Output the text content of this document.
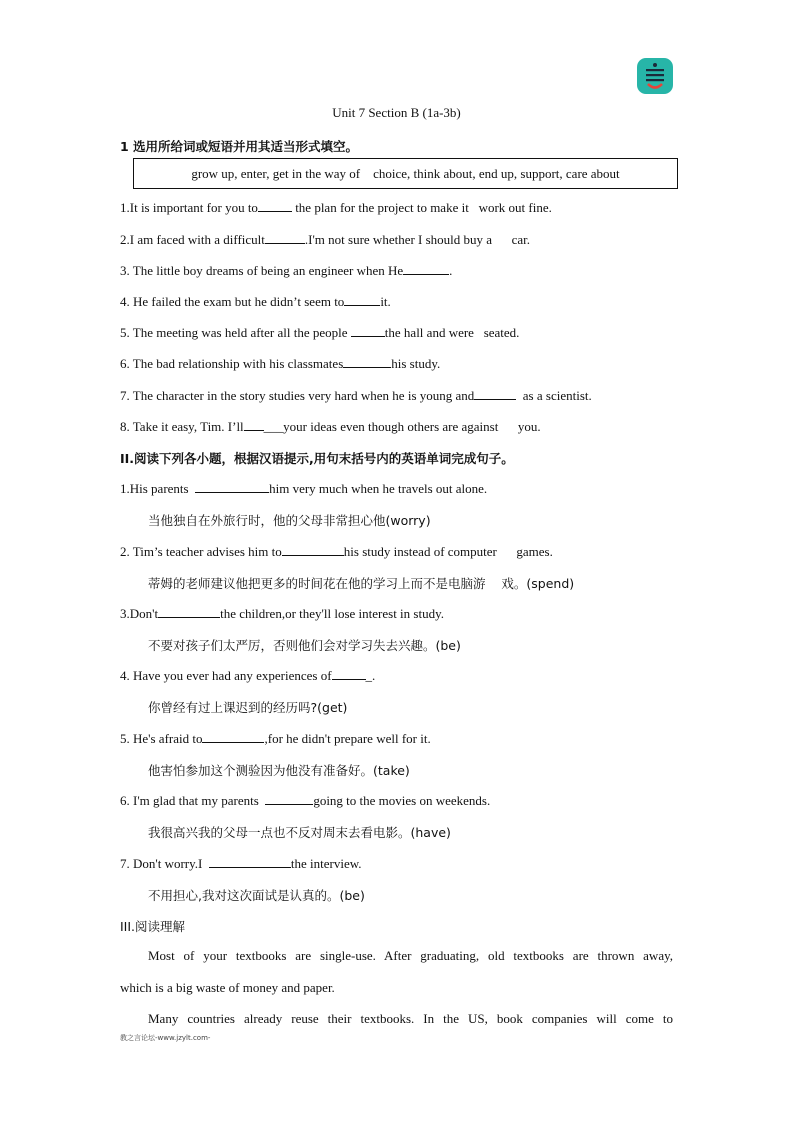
Unit 7 Section B (1a-3b)
1 选用所给词或短语并用其适当形式填空。
grow up, enter, get in the way of    choice, think about, end up, support, care about
1.It is important for you to	the plan for the project to make it   work out fine.
2.I am faced with a difficult	.I'm not sure whether I should buy a      car.
3. The little boy dreams of being an engineer when He	.
4. He failed the exam but he didn’t seem to	it.
5. The meeting was held after all the people	the hall and were   seated.
6. The bad relationship with his classmates	his study.
7. The character in the story studies very hard when he is young and	as a scientist.
8. Take it easy, Tim. I’ll ___your ideas even though others are against      you.
II.阅读下列各小题，根据汉语提示,用句末括号内的英语单词完成句子。
1.His parents	him very much when he travels out alone.
当他独自在外旅行时，他的父母非常担心他(worry)
2. Tim’s teacher advises him to	his study instead of computer      games.
蒂姆的老师建议他把更多的时间花在他的学习上而不是电脑游    戏。(spend)
3.Don't	the children,or they'll lose interest in study.
不要对孩子们太严厉，否则他们会对学习失去兴趣。(be)
4. Have you ever had any experiences of	_.
你曾经有过上课迟到的经历吗?(get)
5. He's afraid to	,for he didn't prepare well for it.
他害怕参加这个测验因为他没有准备好。(take)
6. I'm glad that my parents	going to the movies on weekends.
我很高兴我的父母一点也不反对周末去看电影。(have)
7. Don't worry.I	the interview.
不用担心,我对这次面试是认真的。(be)
III.阅读理解
Most of your textbooks are single-use. After graduating, old textbooks are thrown away,
which is a big waste of money and paper.
Many countries already reuse their textbooks. In the US, book companies will come to
教之言论坛-www.jzylt.com-
